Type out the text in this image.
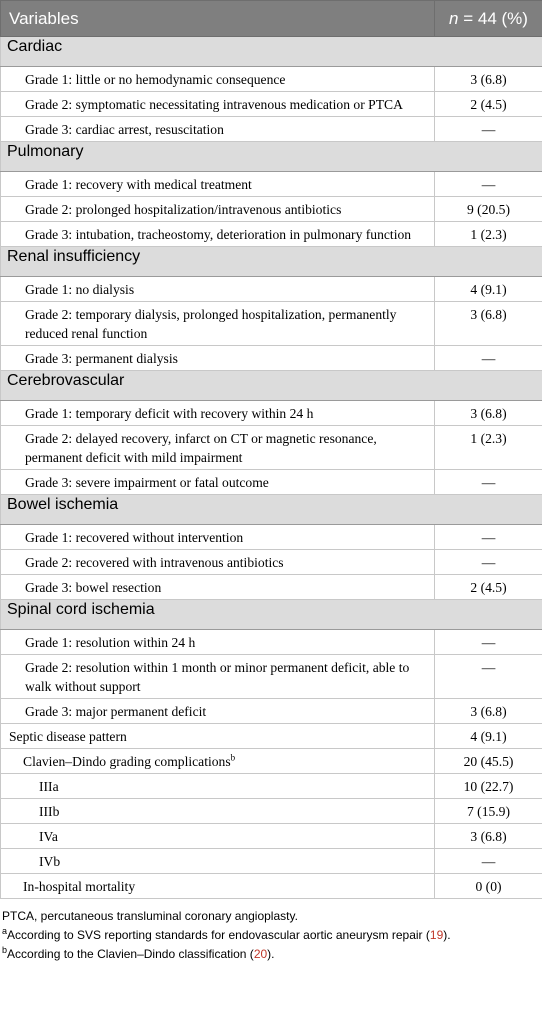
Variables	n = 44 (%)
Cardiac	
Grade 1: little or no hemodynamic consequence	3 (6.8)
Grade 2: symptomatic necessitating intravenous medication or PTCA	2 (4.5)
Grade 3: cardiac arrest, resuscitation	—
Pulmonary	
Grade 1: recovery with medical treatment	—
Grade 2: prolonged hospitalization/intravenous antibiotics	9 (20.5)
Grade 3: intubation, tracheostomy, deterioration in pulmonary function	1 (2.3)
Renal insufficiency	
Grade 1: no dialysis	4 (9.1)
Grade 2: temporary dialysis, prolonged hospitalization, permanently reduced renal function	3 (6.8)
Grade 3: permanent dialysis	—
Cerebrovascular	
Grade 1: temporary deficit with recovery within 24 h	3 (6.8)
Grade 2: delayed recovery, infarct on CT or magnetic resonance, permanent deficit with mild impairment	1 (2.3)
Grade 3: severe impairment or fatal outcome	—
Bowel ischemia	
Grade 1: recovered without intervention	—
Grade 2: recovered with intravenous antibiotics	—
Grade 3: bowel resection	2 (4.5)
Spinal cord ischemia	
Grade 1: resolution within 24 h	—
Grade 2: resolution within 1 month or minor permanent deficit, able to walk without support	—
Grade 3: major permanent deficit	3 (6.8)
Septic disease pattern	4 (9.1)
Clavien–Dindo grading complications$^b$	20 (45.5)
IIIa	10 (22.7)
IIIb	7 (15.9)
IVa	3 (6.8)
IVb	—
In-hospital mortality	0 (0)

PTCA, percutaneous transluminal coronary angioplasty.

$^a$According to SVS reporting standards for endovascular aortic aneurysm repair (19).

$^b$According to the Clavien–Dindo classification (20).
